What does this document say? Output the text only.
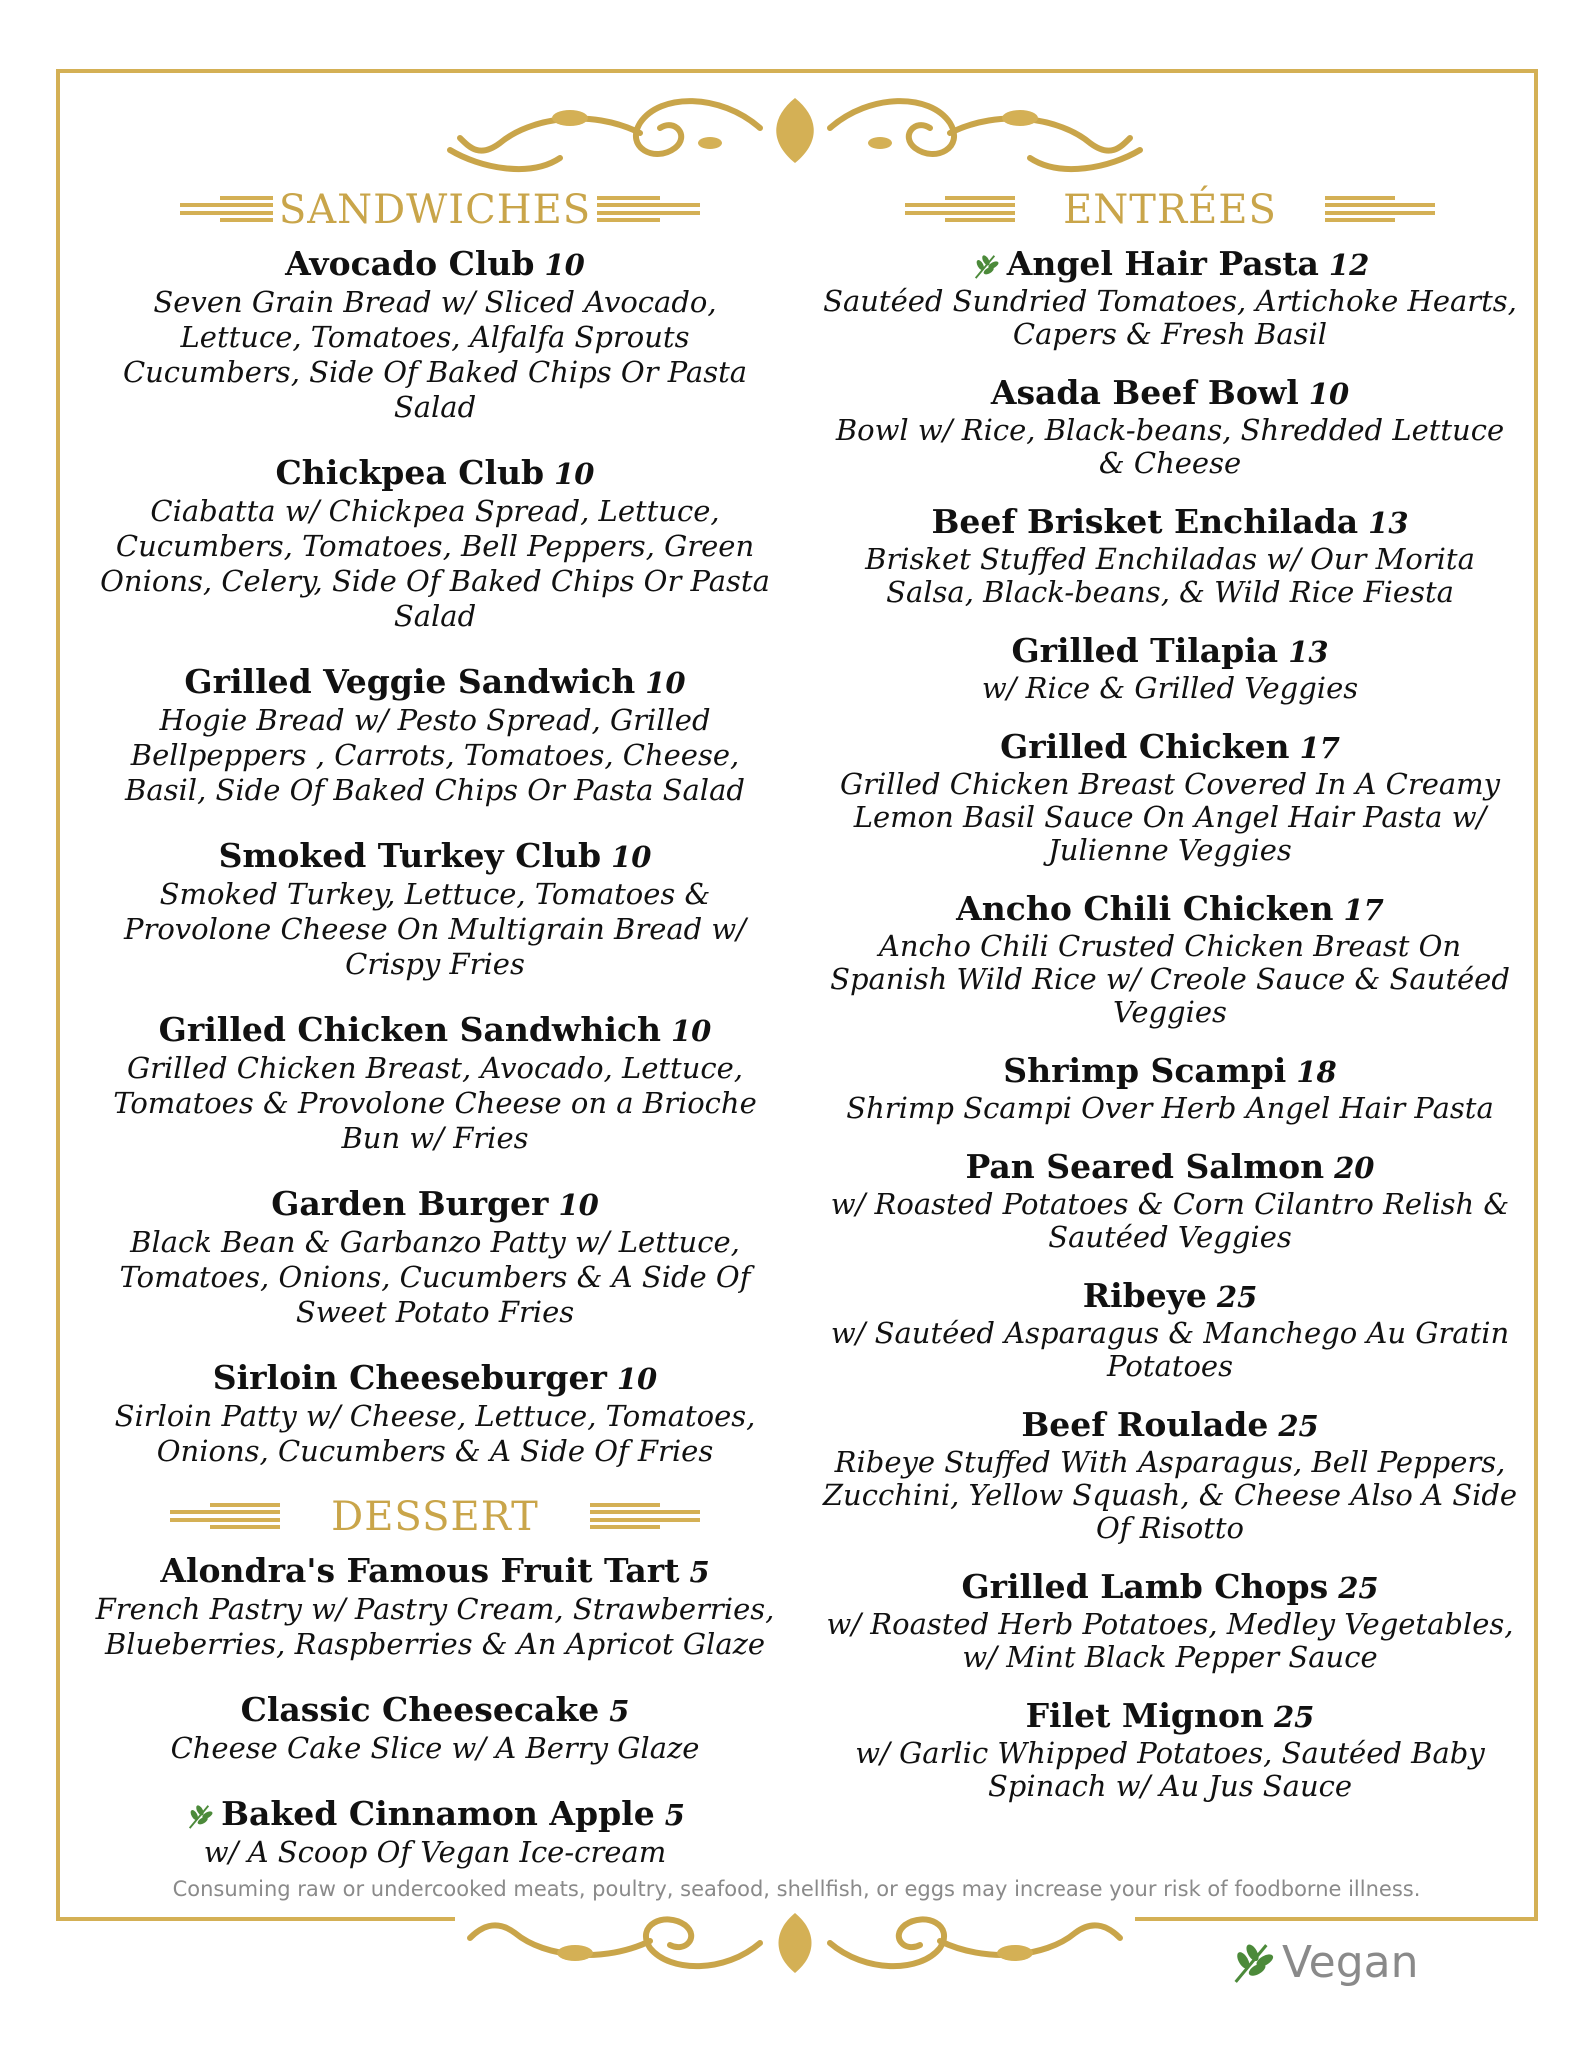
SANDWICHES
Avocado Club 10
Seven Grain Bread w/ Sliced Avocado, Lettuce, Tomatoes, Alfalfa Sprouts Cucumbers, Side Of Baked Chips Or Pasta Salad
Chickpea Club 10
Ciabatta w/ Chickpea Spread, Lettuce, Cucumbers, Tomatoes, Bell Peppers, Green Onions, Celery, Side Of Baked Chips Or Pasta Salad
Grilled Veggie Sandwich 10
Hogie Bread w/ Pesto Spread, Grilled Bellpeppers , Carrots, Tomatoes, Cheese, Basil, Side Of Baked Chips Or Pasta Salad
Smoked Turkey Club 10
Smoked Turkey, Lettuce, Tomatoes & Provolone Cheese On Multigrain Bread w/ Crispy Fries
Grilled Chicken Sandwhich 10
Grilled Chicken Breast, Avocado, Lettuce, Tomatoes & Provolone Cheese on a Brioche Bun w/ Fries
Garden Burger 10
Black Bean & Garbanzo Patty w/ Lettuce, Tomatoes, Onions, Cucumbers & A Side Of Sweet Potato Fries
Sirloin Cheeseburger 10
Sirloin Patty w/ Cheese, Lettuce, Tomatoes, Onions, Cucumbers & A Side Of Fries
DESSERT
Alondra's Famous Fruit Tart 5
French Pastry w/ Pastry Cream, Strawberries, Blueberries, Raspberries & An Apricot Glaze
Classic Cheesecake 5
Cheese Cake Slice w/ A Berry Glaze
Baked Cinnamon Apple 5
w/ A Scoop Of Vegan Ice-cream
ENTRÉES
Angel Hair Pasta 12
Sautéed Sundried Tomatoes, Artichoke Hearts, Capers & Fresh Basil
Asada Beef Bowl 10
Bowl w/ Rice, Black-beans, Shredded Lettuce & Cheese
Beef Brisket Enchilada 13
Brisket Stuffed Enchiladas w/ Our Morita Salsa, Black-beans, & Wild Rice Fiesta
Grilled Tilapia 13
w/ Rice & Grilled Veggies
Grilled Chicken 17
Grilled Chicken Breast Covered In A Creamy Lemon Basil Sauce On Angel Hair Pasta w/ Julienne Veggies
Ancho Chili Chicken 17
Ancho Chili Crusted Chicken Breast On Spanish Wild Rice w/ Creole Sauce & Sautéed Veggies
Shrimp Scampi 18
Shrimp Scampi Over Herb Angel Hair Pasta
Pan Seared Salmon 20
w/ Roasted Potatoes & Corn Cilantro Relish & Sautéed Veggies
Ribeye 25
w/ Sautéed Asparagus & Manchego Au Gratin Potatoes
Beef Roulade 25
Ribeye Stuffed With Asparagus, Bell Peppers, Zucchini, Yellow Squash, & Cheese Also A Side Of Risotto
Grilled Lamb Chops 25
w/ Roasted Herb Potatoes, Medley Vegetables, w/ Mint Black Pepper Sauce
Filet Mignon 25
w/ Garlic Whipped Potatoes, Sautéed Baby Spinach w/ Au Jus Sauce
Consuming raw or undercooked meats, poultry, seafood, shellfish, or eggs may increase your risk of foodborne illness.
Vegan
